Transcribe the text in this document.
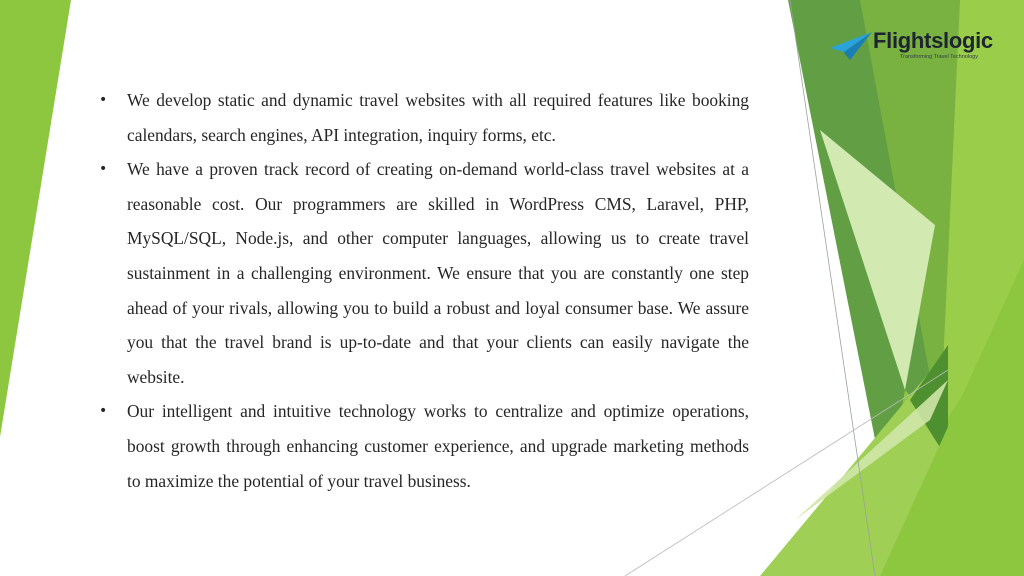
Flightslogic
Transforming Travel Technology
• We develop static and dynamic travel websites with all required features like booking calendars, search engines, API integration, inquiry forms, etc.
• We have a proven track record of creating on-demand world-class travel websites at a reasonable cost. Our programmers are skilled in WordPress CMS, Laravel, PHP, MySQL/SQL, Node.js, and other computer languages, allowing us to create travel sustainment in a challenging environment. We ensure that you are constantly one step ahead of your rivals, allowing you to build a robust and loyal consumer base. We assure you that the travel brand is up-to-date and that your clients can easily navigate the website.
• Our intelligent and intuitive technology works to centralize and optimize operations, boost growth through enhancing customer experience, and upgrade marketing methods to maximize the potential of your travel business.
